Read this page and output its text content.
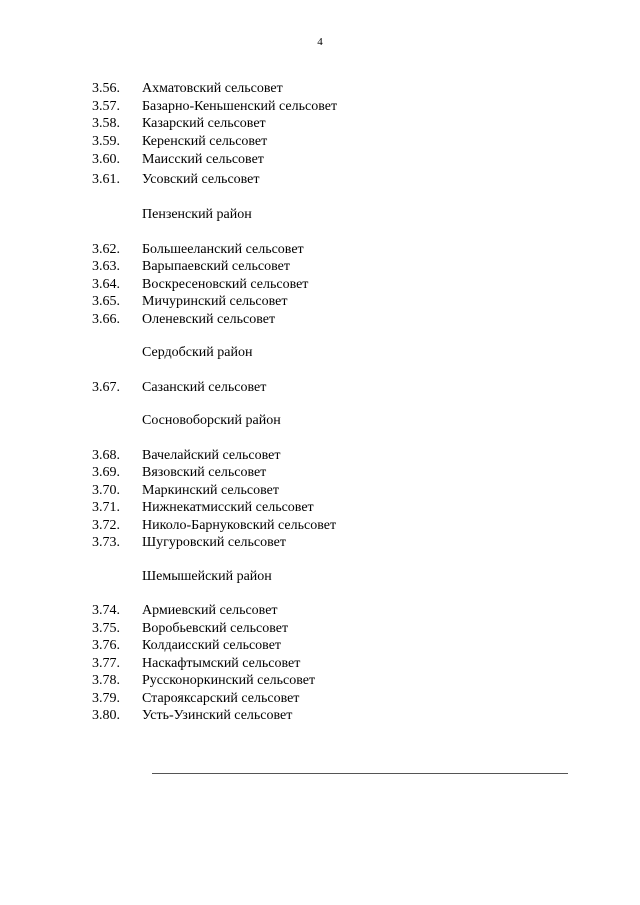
4
3.56. Ахматовский сельсовет
3.57. Базарно-Кеньшенский сельсовет
3.58. Казарский сельсовет
3.59. Керенский сельсовет
3.60. Маисский сельсовет
3.61. Усовский сельсовет
Пензенский район
3.62. Большееланский сельсовет
3.63. Варыпаевский сельсовет
3.64. Воскресеновский сельсовет
3.65. Мичуринский сельсовет
3.66. Оленевский сельсовет
Сердобский район
3.67. Сазанский сельсовет
Сосновоборский район
3.68. Вачелайский сельсовет
3.69. Вязовский сельсовет
3.70. Маркинский сельсовет
3.71. Нижнекатмисский сельсовет
3.72. Николо-Барнуковский сельсовет
3.73. Шугуровский сельсовет
Шемышейский район
3.74. Армиевский сельсовет
3.75. Воробьевский сельсовет
3.76. Колдаисский сельсовет
3.77. Наскафтымский сельсовет
3.78. Руссконоркинский сельсовет
3.79. Старояксарский сельсовет
3.80. Усть-Узинский сельсовет
